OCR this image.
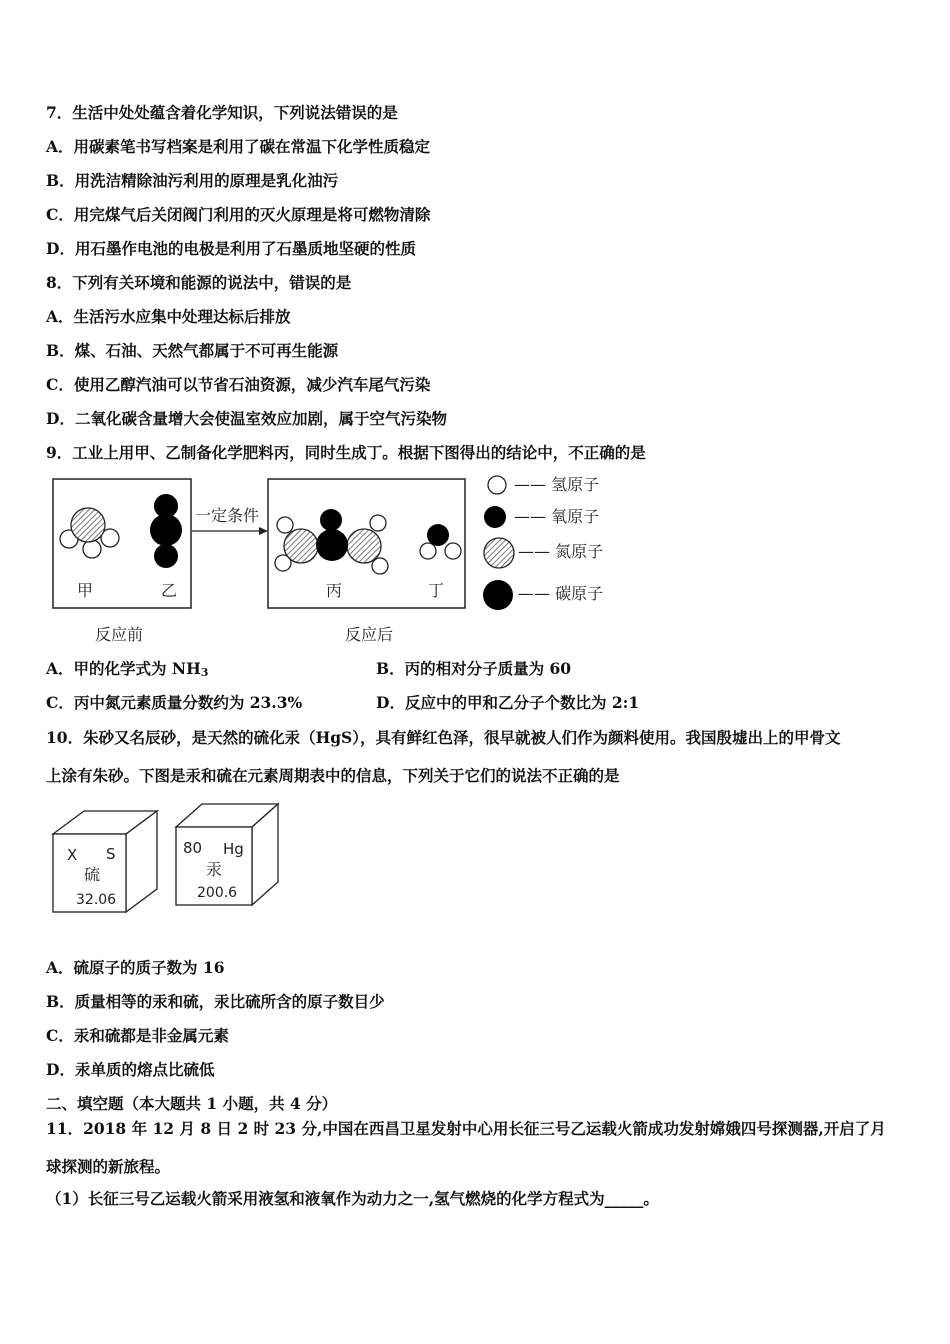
7．生活中处处蕴含着化学知识，下列说法错误的是
A．用碳素笔书写档案是利用了碳在常温下化学性质稳定
B．用洗洁精除油污利用的原理是乳化油污
C．用完煤气后关闭阀门利用的灭火原理是将可燃物清除
D．用石墨作电池的电极是利用了石墨质地坚硬的性质
8．下列有关环境和能源的说法中，错误的是
A．生活污水应集中处理达标后排放
B．煤、石油、天然气都属于不可再生能源
C．使用乙醇汽油可以节省石油资源，减少汽车尾气污染
D．二氧化碳含量增大会使温室效应加剧，属于空气污染物
9．工业上用甲、乙制备化学肥料丙，同时生成丁。根据下图得出的结论中，不正确的是
甲	乙
一定条件
丙	丁
反应前	反应后
—— 氢原子
—— 氧原子
—— 氮原子
—— 碳原子
A．甲的化学式为 NH3	B．丙的相对分子质量为 60
C．丙中氮元素质量分数约为 23.3%	D．反应中的甲和乙分子个数比为 2:1
10．朱砂又名辰砂，是天然的硫化汞（HgS），具有鲜红色泽，很早就被人们作为颜料使用。我国殷墟出上的甲骨文
上涂有朱砂。下图是汞和硫在元素周期表中的信息，下列关于它们的说法不正确的是
X S
硫
32.06
80 Hg
汞
200.6
A．硫原子的质子数为 16
B．质量相等的汞和硫，汞比硫所含的原子数目少
C．汞和硫都是非金属元素
D．汞单质的熔点比硫低
二、填空题（本大题共 1 小题，共 4 分）
11．2018 年 12 月 8 日 2 时 23 分,中国在西昌卫星发射中心用长征三号乙运载火箭成功发射嫦娥四号探测器,开启了月
球探测的新旅程。
（1）长征三号乙运载火箭采用液氢和液氧作为动力之一,氢气燃烧的化学方程式为_____。
